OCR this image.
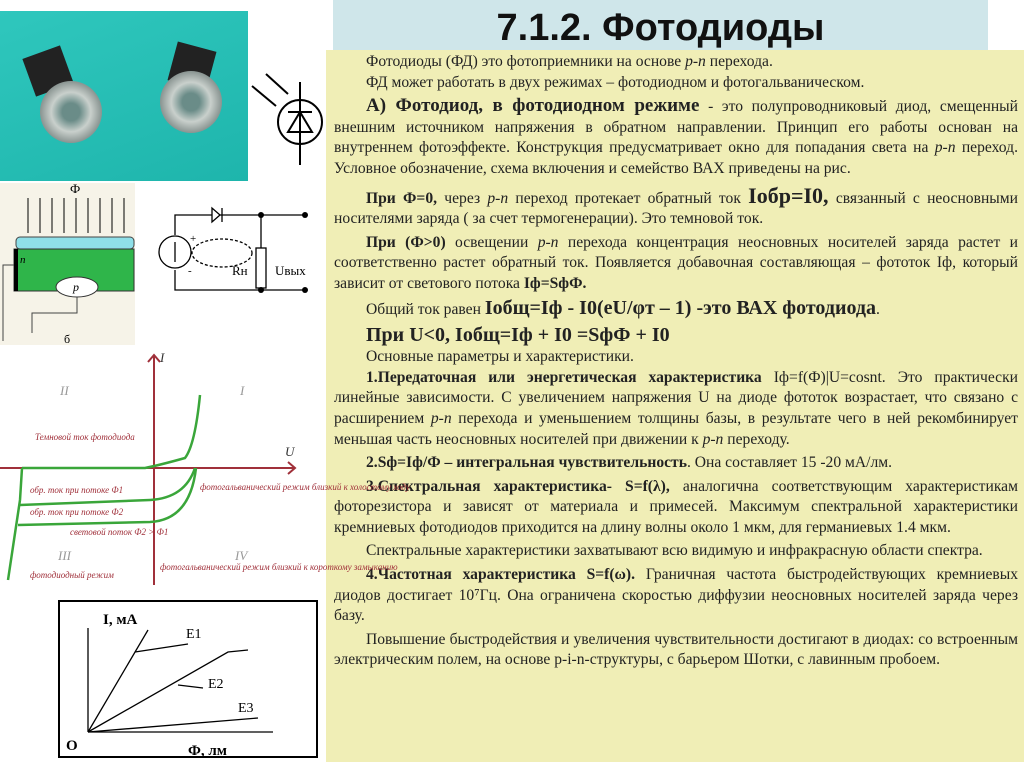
7.1.2. Фотодиоды

Фотодиоды (ФД) это фотоприемники на основе p-n перехода.

ФД может работать в двух режимах – фотодиодном и фотогальваническом.

А) Фотодиод, в фотодиодном режиме - это полупроводниковый диод, смещенный внешним источником напряжения в обратном направлении. Принцип его работы основан на внутреннем фотоэффекте. Конструкция предусматривает окно для попадания света на p-n переход. Условное обозначение, схема включения и семейство ВАХ приведены на рис.

При Ф=0, через p-n переход протекает обратный ток Iобр=I0, связанный с неосновными носителями заряда ( за счет термогенерации). Это темновой ток.

При (Ф>0) освещении p-n перехода концентрация неосновных носителей заряда растет и соответственно растет обратный ток. Появляется добавочная составляющая – фототок Iф, который зависит от светового потока Iф=SфФ.

Общий ток равен Iобщ=Iф - I0(eU/φт – 1) -это ВАХ фотодиода.

При U<0, Iобщ=Iф + I0 =SфФ + I0

Основные параметры и характеристики.

1.Передаточная или энергетическая характеристика Iф=f(Ф)|U=cosnt. Это практически линейные зависимости. С увеличением напряжения U на диоде фототок возрастает, что связано с расширением p-n перехода и уменьшением толщины базы, в результате чего в ней рекомбинирует меньшая часть неосновных носителей при движении к p-n переходу.

2.Sф=Iф/Ф – интегральная чувствительность. Она составляет 15 -20 мА/лм.

3.Спектральная характеристика- S=f(λ), аналогична соответствующим характеристикам фоторезистора и зависят от материала и примесей. Максимум спектральной характеристики кремниевых фотодиодов приходится на длину волны около 1 мкм, для германиевых 1.4 мкм.

Спектральные характеристики захватывают всю видимую и инфракрасную области спектра.

4.Частотная характеристика S=f(ω). Граничная частота быстродействующих кремниевых диодов достигает 10⁷Гц. Она ограничена скоростью диффузии неосновных носителей заряда через базу.

Повышение быстродействия и увеличения чувствительности достигают в диодах: со встроенным электрическим полем, на основе p-i-n-структуры, с барьером Шотки, с лавинным пробоем.

Ф
n
p
б
+
-	Rн Uвых
I
U
I
II
III	IV
Темновой ток фотодиода
обр. ток при потоке Ф1
обр. ток при потоке Ф2
световой поток Ф2 > Ф1
фотодиодный режим
фотогальванический режим близкий к холостому ходу
фотогальванический режим близкий к короткому замыканию
I, мА
Ф, лм
O
E1
E2
E3
